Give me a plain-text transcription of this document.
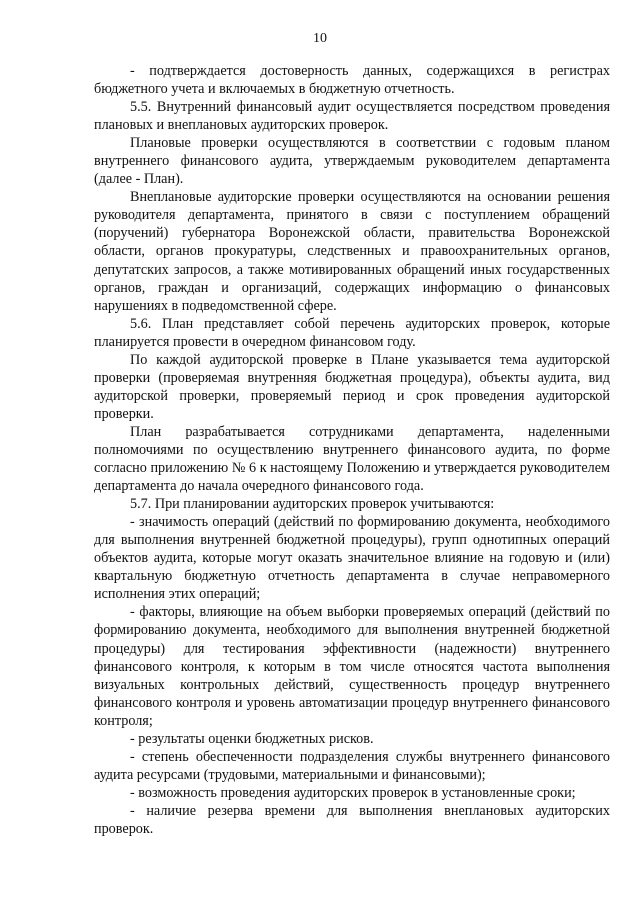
10

- подтверждается достоверность данных, содержащихся в регистрах бюджетного учета и включаемых в бюджетную отчетность.

5.5. Внутренний финансовый аудит осуществляется посредством проведения плановых и внеплановых аудиторских проверок.

Плановые проверки осуществляются в соответствии с годовым планом внутреннего финансового аудита, утверждаемым руководителем департамента (далее - План).

Внеплановые аудиторские проверки осуществляются на основании решения руководителя департамента, принятого в связи с поступлением обращений (поручений) губернатора Воронежской области, правительства Воронежской области, органов прокуратуры, следственных и правоохранительных органов, депутатских запросов, а также мотивированных обращений иных государственных органов, граждан и организаций, содержащих информацию о финансовых нарушениях в подведомственной сфере.

5.6. План представляет собой перечень аудиторских проверок, которые планируется провести в очередном финансовом году.

По каждой аудиторской проверке в Плане указывается тема аудиторской проверки (проверяемая внутренняя бюджетная процедура), объекты аудита, вид аудиторской проверки, проверяемый период и срок проведения аудиторской проверки.

План разрабатывается сотрудниками департамента, наделенными полномочиями по осуществлению внутреннего финансового аудита, по форме согласно приложению № 6 к настоящему Положению и утверждается руководителем департамента до начала очередного финансового года.

5.7. При планировании аудиторских проверок учитываются:

- значимость операций (действий по формированию документа, необходимого для выполнения внутренней бюджетной процедуры), групп однотипных операций объектов аудита, которые могут оказать значительное влияние на годовую и (или) квартальную бюджетную отчетность департамента в случае неправомерного исполнения этих операций;

- факторы, влияющие на объем выборки проверяемых операций (действий по формированию документа, необходимого для выполнения внутренней бюджетной процедуры) для тестирования эффективности (надежности) внутреннего финансового контроля, к которым в том числе относятся частота выполнения визуальных контрольных действий, существенность процедур внутреннего финансового контроля и уровень автоматизации процедур внутреннего финансового контроля;

- результаты оценки бюджетных рисков.

- степень обеспеченности подразделения службы внутреннего финансового аудита ресурсами (трудовыми, материальными и финансовыми);

- возможность проведения аудиторских проверок в установленные сроки;

- наличие резерва времени для выполнения внеплановых аудиторских проверок.
